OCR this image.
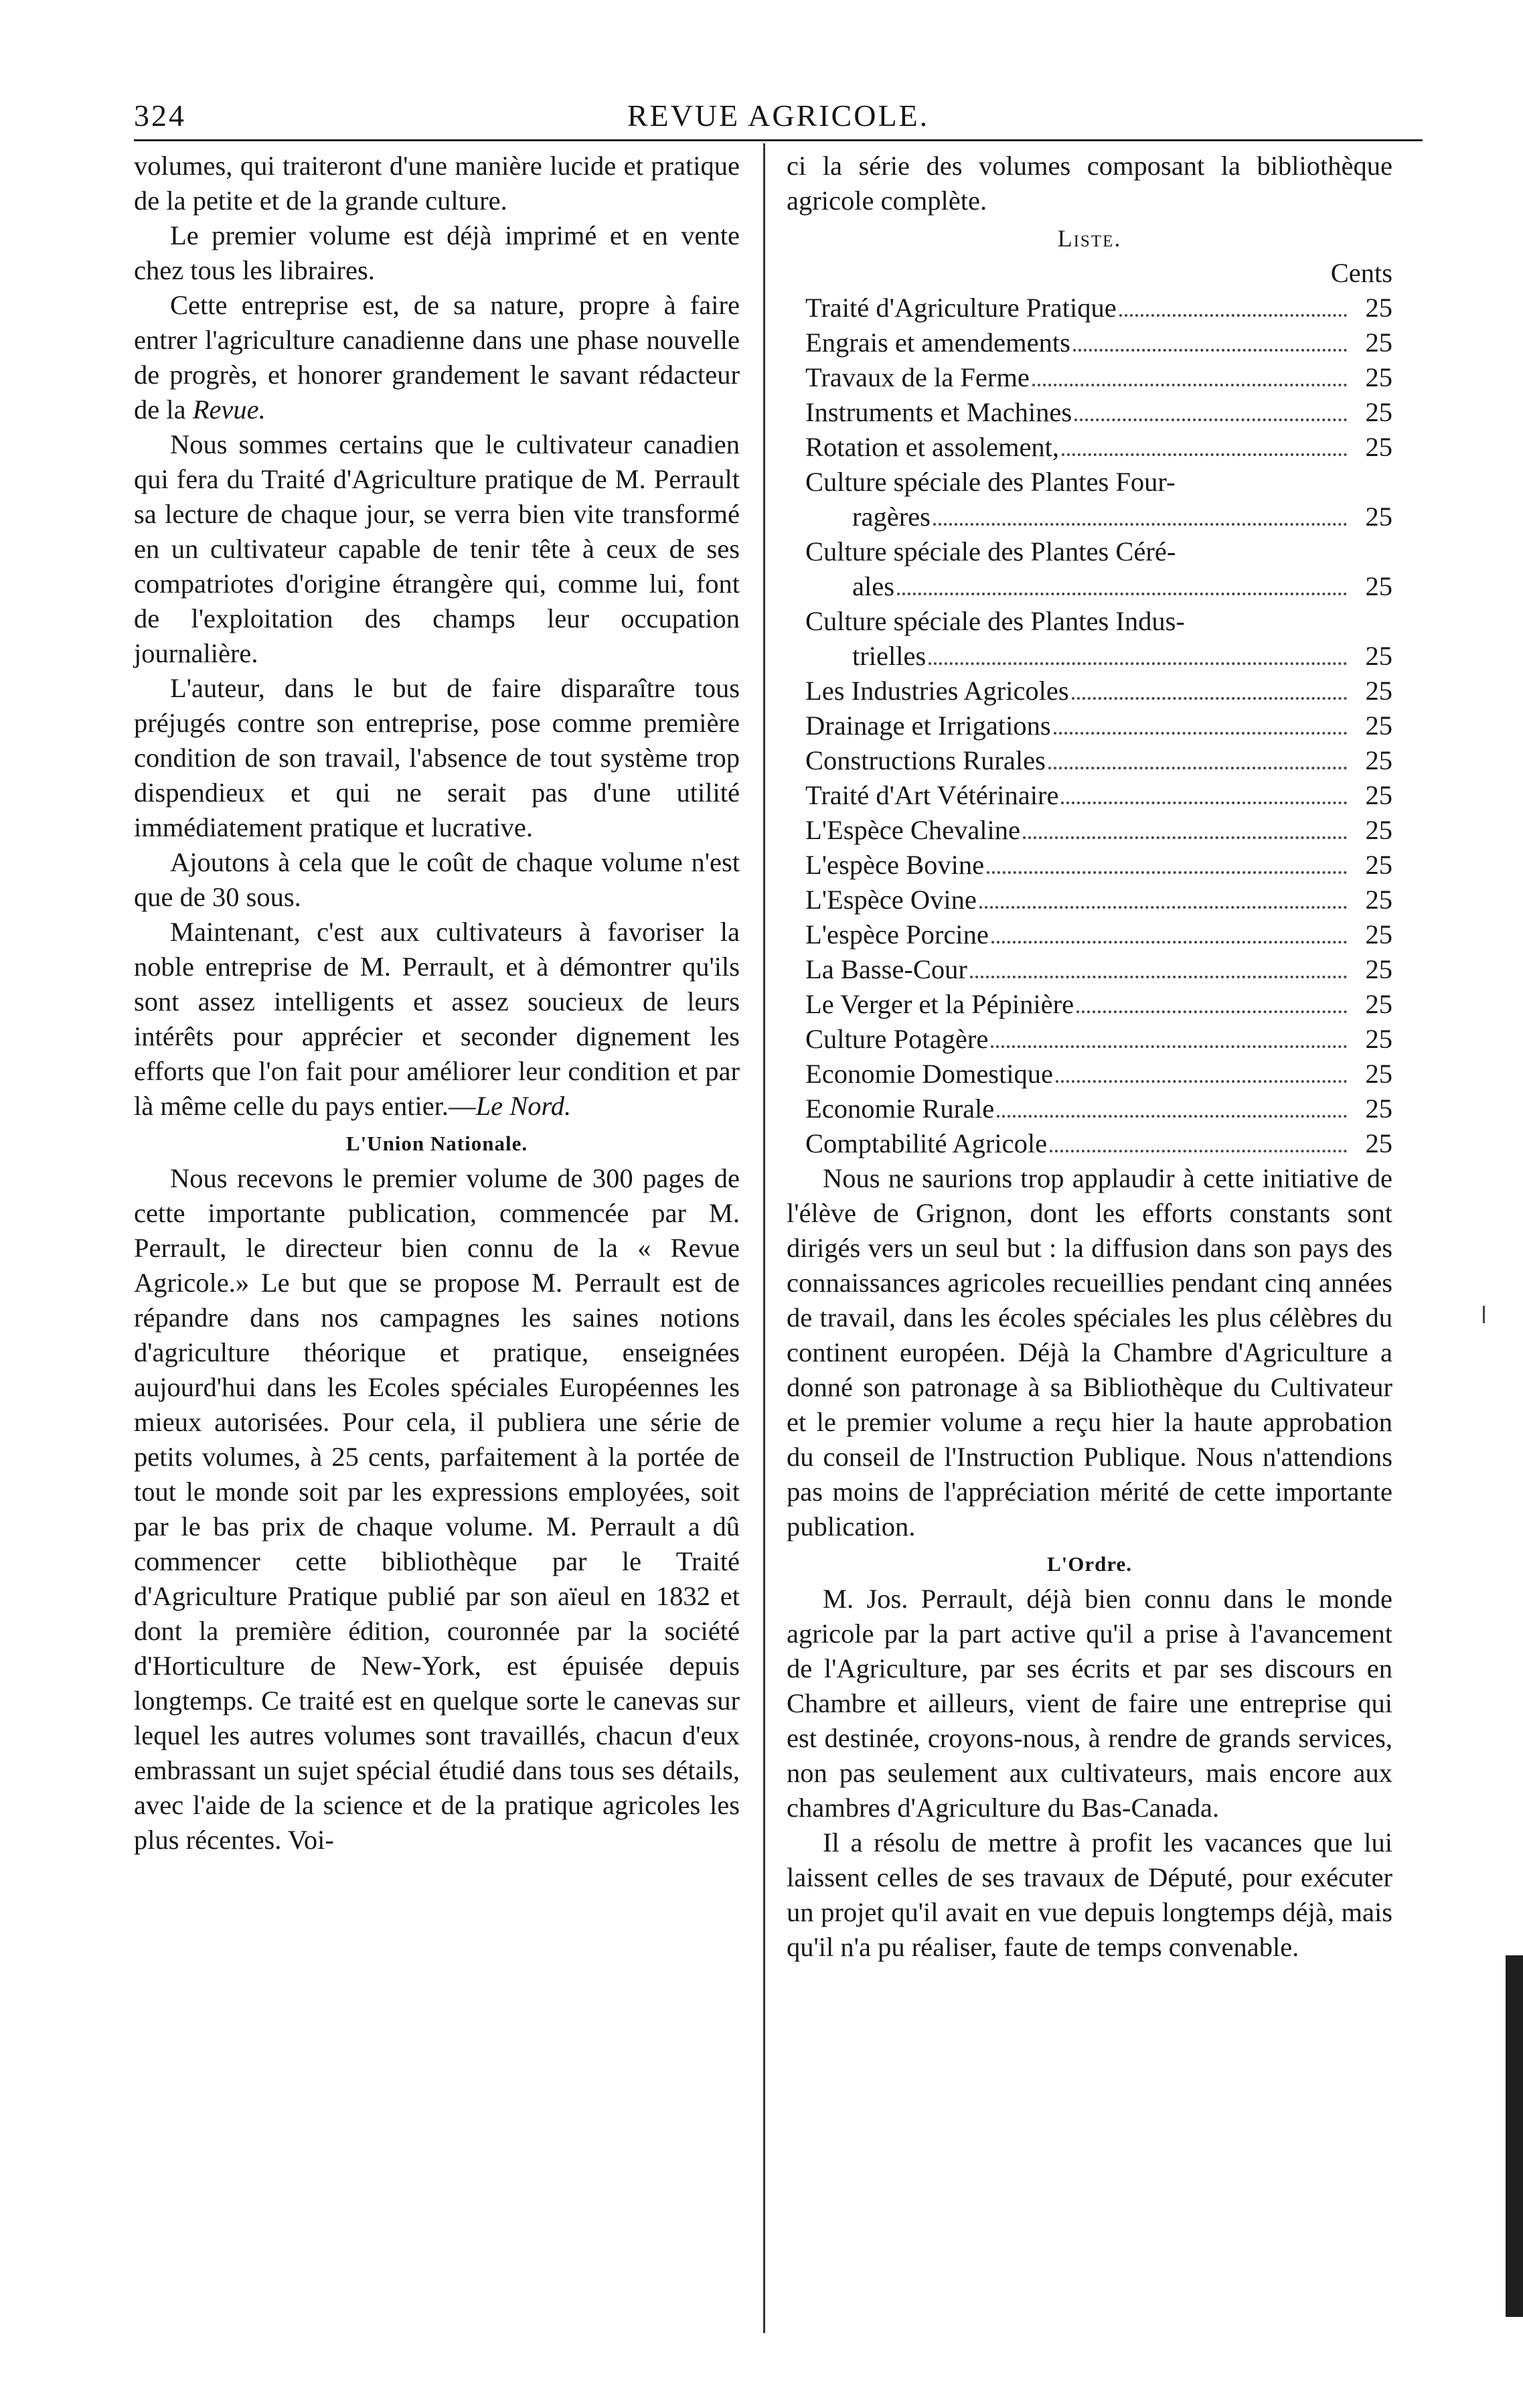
324	REVUE AGRICOLE.

volumes, qui traiteront d'une manière lucide et pratique de la petite et de la grande culture.

Le premier volume est déjà imprimé et en vente chez tous les libraires.

Cette entreprise est, de sa nature, propre à faire entrer l'agriculture canadienne dans une phase nouvelle de progrès, et honorer grandement le savant rédacteur de la Revue.

Nous sommes certains que le cultivateur canadien qui fera du Traité d'Agriculture pratique de M. Perrault sa lecture de chaque jour, se verra bien vite transformé en un cultivateur capable de tenir tête à ceux de ses compatriotes d'origine étrangère qui, comme lui, font de l'exploitation des champs leur occupation journalière.

L'auteur, dans le but de faire disparaître tous préjugés contre son entreprise, pose comme première condition de son travail, l'absence de tout système trop dispendieux et qui ne serait pas d'une utilité immédiatement pratique et lucrative.

Ajoutons à cela que le coût de chaque volume n'est que de 30 sous.

Maintenant, c'est aux cultivateurs à favoriser la noble entreprise de M. Perrault, et à démontrer qu'ils sont assez intelligents et assez soucieux de leurs intérêts pour apprécier et seconder dignement les efforts que l'on fait pour améliorer leur condition et par là même celle du pays entier.—Le Nord.

L'Union Nationale.

Nous recevons le premier volume de 300 pages de cette importante publication, commencée par M. Perrault, le directeur bien connu de la « Revue Agricole.» Le but que se propose M. Perrault est de répandre dans nos campagnes les saines notions d'agriculture théorique et pratique, enseignées aujourd'hui dans les Ecoles spéciales Européennes les mieux autorisées. Pour cela, il publiera une série de petits volumes, à 25 cents, parfaitement à la portée de tout le monde soit par les expressions employées, soit par le bas prix de chaque volume. M. Perrault a dû commencer cette bibliothèque par le Traité d'Agriculture Pratique publié par son aïeul en 1832 et dont la première édition, couronnée par la société d'Horticulture de New-York, est épuisée depuis longtemps. Ce traité est en quelque sorte le canevas sur lequel les autres volumes sont travaillés, chacun d'eux embrassant un sujet spécial étudié dans tous ses détails, avec l'aide de la science et de la pratique agricoles les plus récentes. Voi-

ci la série des volumes composant la bibliothèque agricole complète.

Liste.
Cents
Traité d'Agriculture Pratique	25
Engrais et amendements	25
Travaux de la Ferme	25
Instruments et Machines	25
Rotation et assolement,	25
Culture spéciale des Plantes Four-
ragères	25
Culture spéciale des Plantes Céré-
ales	25
Culture spéciale des Plantes Indus-
trielles	25
Les Industries Agricoles	25
Drainage et Irrigations	25
Constructions Rurales	25
Traité d'Art Vétérinaire	25
L'Espèce Chevaline	25
L'espèce Bovine	25
L'Espèce Ovine	25
L'espèce Porcine	25
La Basse-Cour	25
Le Verger et la Pépinière	25
Culture Potagère	25
Economie Domestique	25
Economie Rurale	25
Comptabilité Agricole	25

Nous ne saurions trop applaudir à cette initiative de l'élève de Grignon, dont les efforts constants sont dirigés vers un seul but : la diffusion dans son pays des connaissances agricoles recueillies pendant cinq années de travail, dans les écoles spéciales les plus célèbres du continent européen. Déjà la Chambre d'Agriculture a donné son patronage à sa Bibliothèque du Cultivateur et le premier volume a reçu hier la haute approbation du conseil de l'Instruction Publique. Nous n'attendions pas moins de l'appréciation mérité de cette importante publication.

L'Ordre.

M. Jos. Perrault, déjà bien connu dans le monde agricole par la part active qu'il a prise à l'avancement de l'Agriculture, par ses écrits et par ses discours en Chambre et ailleurs, vient de faire une entreprise qui est destinée, croyons-nous, à rendre de grands services, non pas seulement aux cultivateurs, mais encore aux chambres d'Agriculture du Bas-Canada.

Il a résolu de mettre à profit les vacances que lui laissent celles de ses travaux de Député, pour exécuter un projet qu'il avait en vue depuis longtemps déjà, mais qu'il n'a pu réaliser, faute de temps convenable.
